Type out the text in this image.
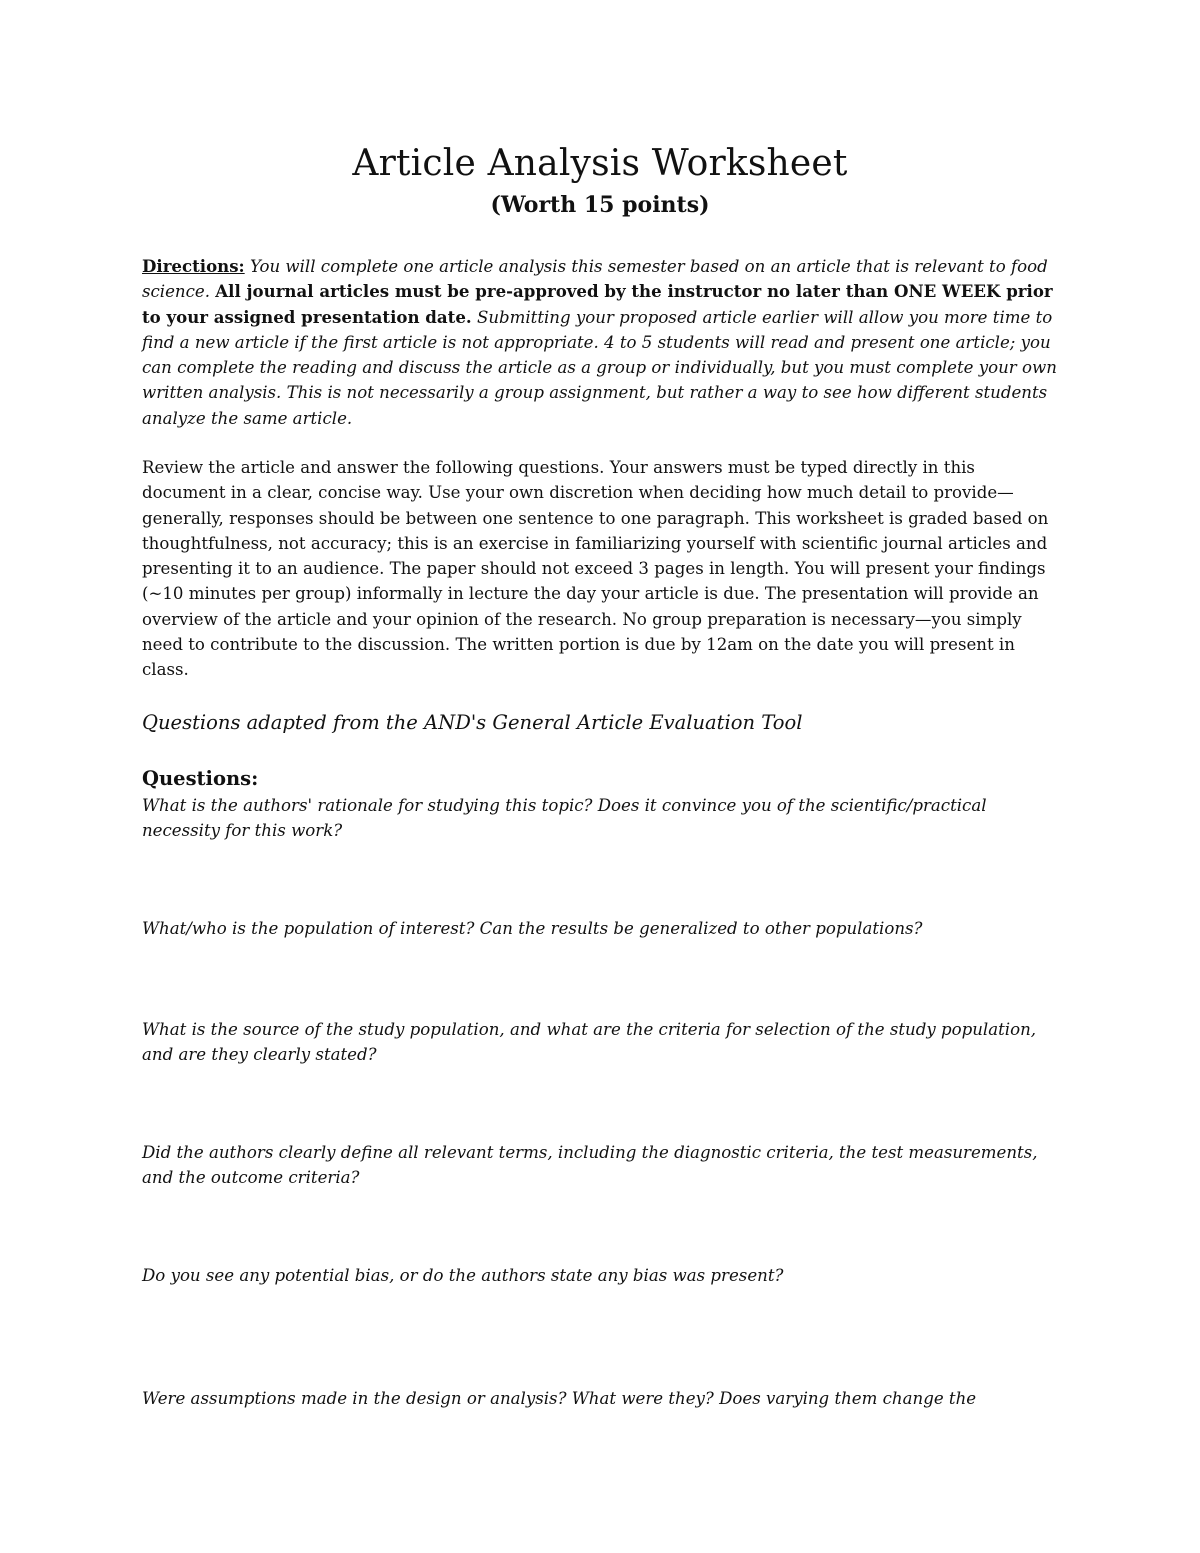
Article Analysis Worksheet
(Worth 15 points)

Directions: You will complete one article analysis this semester based on an article that is relevant to food science. All journal articles must be pre-approved by the instructor no later than ONE WEEK prior to your assigned presentation date. Submitting your proposed article earlier will allow you more time to find a new article if the first article is not appropriate. 4 to 5 students will read and present one article; you can complete the reading and discuss the article as a group or individually, but you must complete your own written analysis. This is not necessarily a group assignment, but rather a way to see how different students analyze the same article.

Review the article and answer the following questions. Your answers must be typed directly in this document in a clear, concise way. Use your own discretion when deciding how much detail to provide—generally, responses should be between one sentence to one paragraph. This worksheet is graded based on thoughtfulness, not accuracy; this is an exercise in familiarizing yourself with scientific journal articles and presenting it to an audience. The paper should not exceed 3 pages in length. You will present your findings (~10 minutes per group) informally in lecture the day your article is due. The presentation will provide an overview of the article and your opinion of the research. No group preparation is necessary—you simply need to contribute to the discussion. The written portion is due by 12am on the date you will present in class.

Questions adapted from the AND's General Article Evaluation Tool

Questions:

What is the authors' rationale for studying this topic? Does it convince you of the scientific/practical necessity for this work?

What/who is the population of interest? Can the results be generalized to other populations?

What is the source of the study population, and what are the criteria for selection of the study population, and are they clearly stated?

Did the authors clearly define all relevant terms, including the diagnostic criteria, the test measurements, and the outcome criteria?

Do you see any potential bias, or do the authors state any bias was present?

Were assumptions made in the design or analysis? What were they? Does varying them change the
